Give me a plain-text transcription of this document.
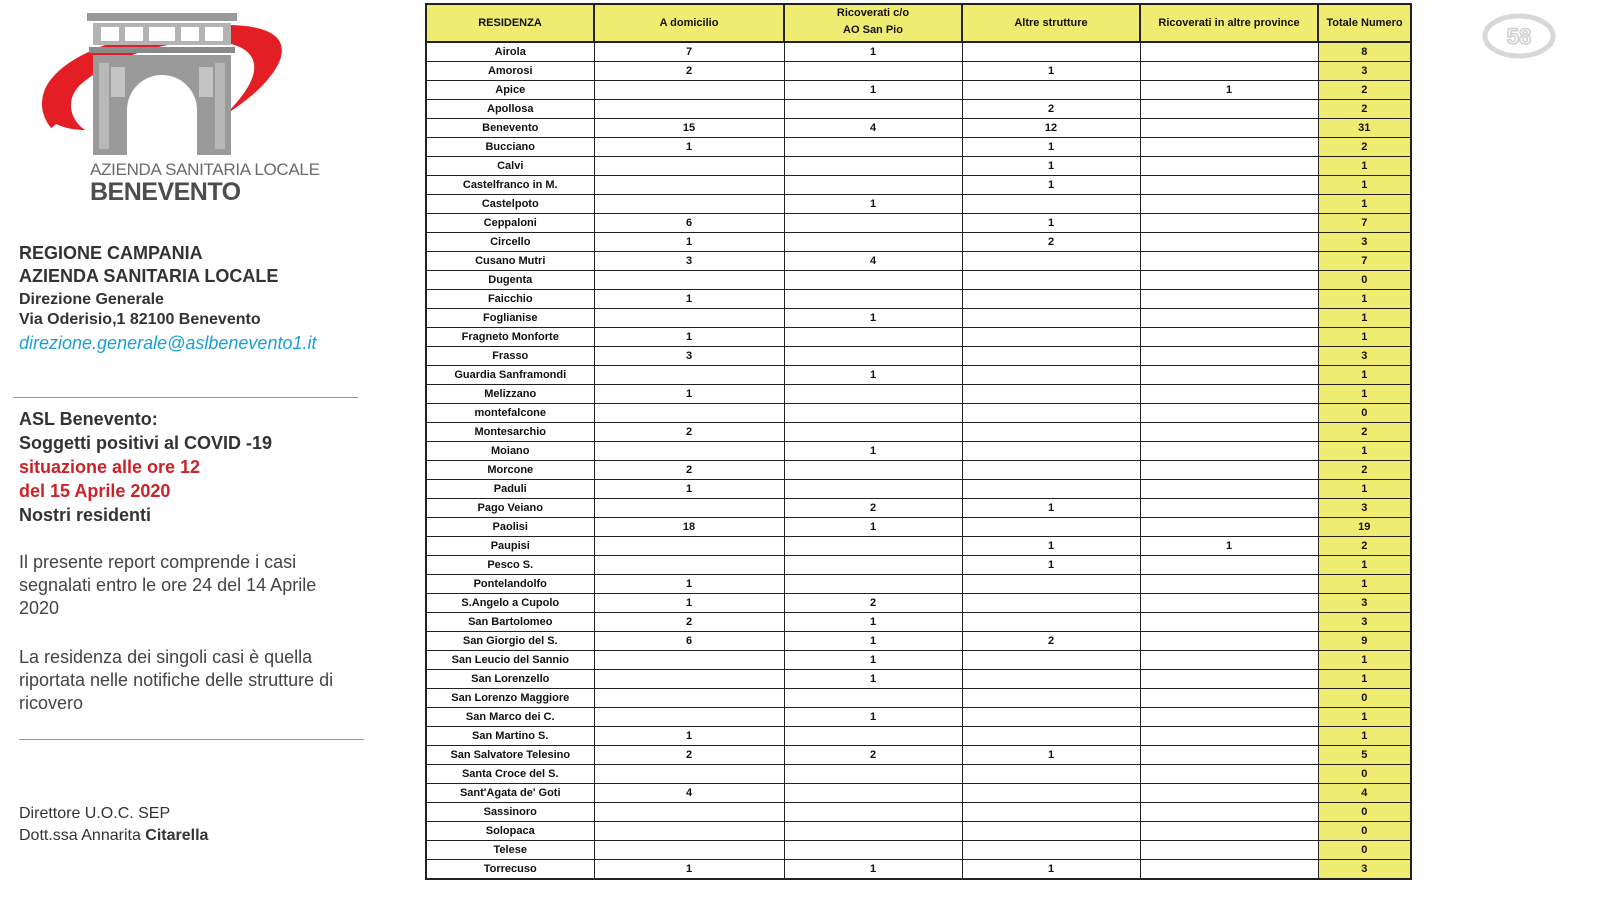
AZIENDA SANITARIA LOCALE
BENEVENTO
REGIONE CAMPANIA
AZIENDA SANITARIA LOCALE
Direzione Generale
Via Oderisio,1 82100 Benevento
direzione.generale@aslbenevento1.it
ASL Benevento:
Soggetti positivi al COVID -19
situazione alle ore 12
del 15 Aprile 2020
Nostri residenti
Il presente report comprende i casi segnalati entro le ore 24 del 14 Aprile 2020
La residenza dei singoli casi è quella riportata nelle notifiche delle strutture di ricovero
Direttore U.O.C. SEP
Dott.ssa Annarita Citarella
RESIDENZA	A domicilio	Ricoverati c/o
AO San Pio	Altre strutture	Ricoverati in altre province	Totale Numero
Airola	7	1			8
Amorosi	2		1		3
Apice		1		1	2
Apollosa			2		2
Benevento	15	4	12		31
Bucciano	1		1		2
Calvi			1		1
Castelfranco in M.			1		1
Castelpoto		1			1
Ceppaloni	6		1		7
Circello	1		2		3
Cusano Mutri	3	4			7
Dugenta					0
Faicchio	1				1
Foglianise		1			1
Fragneto Monforte	1				1
Frasso	3				3
Guardia Sanframondi		1			1
Melizzano	1				1
montefalcone					0
Montesarchio	2				2
Moiano		1			1
Morcone	2				2
Paduli	1				1
Pago Veiano		2	1		3
Paolisi	18	1			19
Paupisi			1	1	2
Pesco S.			1		1
Pontelandolfo	1				1
S.Angelo a Cupolo	1	2			3
San Bartolomeo	2	1			3
San Giorgio del S.	6	1	2		9
San Leucio del Sannio		1			1
San Lorenzello		1			1
San Lorenzo Maggiore					0
San Marco dei C.		1			1
San Martino S.	1				1
San Salvatore Telesino	2	2	1		5
Santa Croce del S.					0
Sant'Agata de' Goti	4				4
Sassinoro					0
Solopaca					0
Telese					0
Torrecuso	1	1	1		3
58
